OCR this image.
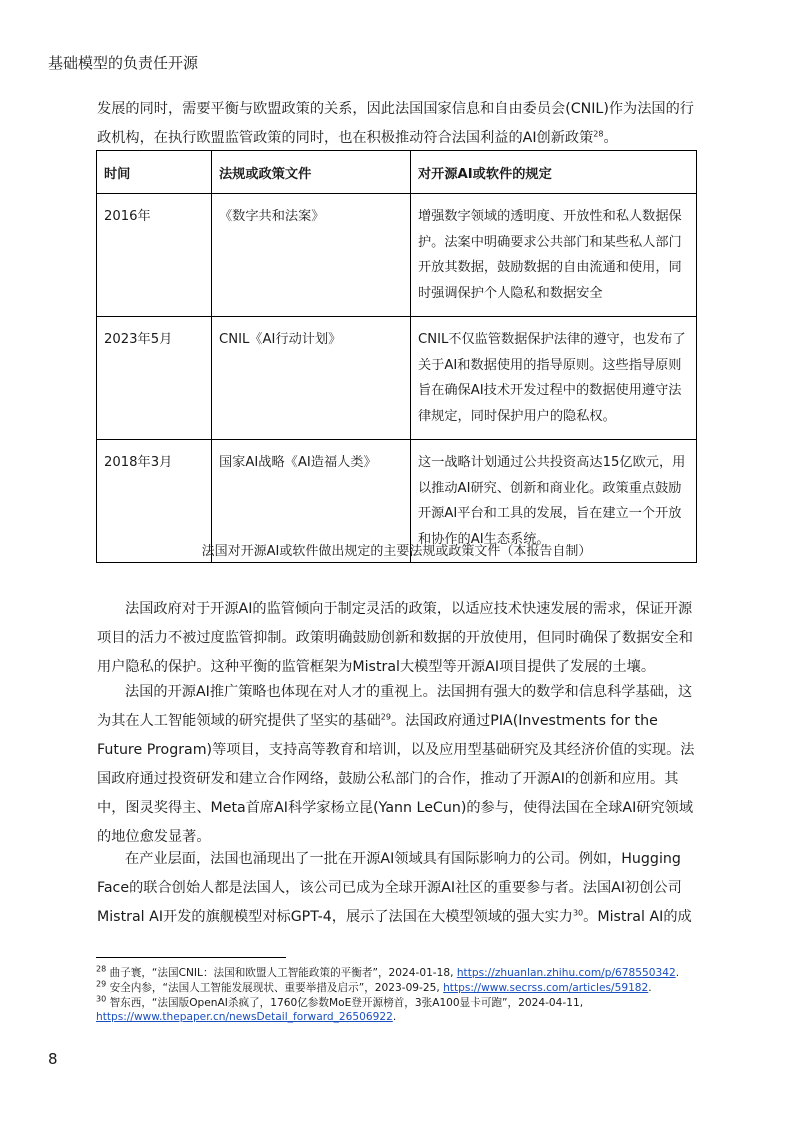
基础模型的负责任开源

发展的同时，需要平衡与欧盟政策的关系，因此法国国家信息和自由委员会(CNIL)作为法国的行政机构，在执行欧盟监管政策的同时，也在积极推动符合法国利益的AI创新政策$^{28}$。

时间	法规或政策文件	对开源AI或软件的规定
2016年	《数字共和法案》	增强数字领域的透明度、开放性和私人数据保护。法案中明确要求公共部门和某些私人部门开放其数据，鼓励数据的自由流通和使用，同时强调保护个人隐私和数据安全
2023年5月	CNIL《AI行动计划》	CNIL不仅监管数据保护法律的遵守，也发布了关于AI和数据使用的指导原则。这些指导原则旨在确保AI技术开发过程中的数据使用遵守法律规定，同时保护用户的隐私权。
2018年3月	国家AI战略《AI造福人类》	这一战略计划通过公共投资高达15亿欧元，用以推动AI研究、创新和商业化。政策重点鼓励开源AI平台和工具的发展，旨在建立一个开放和协作的AI生态系统。
法国对开源AI或软件做出规定的主要法规或政策文件（本报告自制）

法国政府对于开源AI的监管倾向于制定灵活的政策，以适应技术快速发展的需求，保证开源项目的活力不被过度监管抑制。政策明确鼓励创新和数据的开放使用，但同时确保了数据安全和用户隐私的保护。这种平衡的监管框架为Mistral大模型等开源AI项目提供了发展的土壤。

法国的开源AI推广策略也体现在对人才的重视上。法国拥有强大的数学和信息科学基础，这为其在人工智能领域的研究提供了坚实的基础$^{29}$。法国政府通过PIA(Investments for the Future Program)等项目，支持高等教育和培训，以及应用型基础研究及其经济价值的实现。法国政府通过投资研发和建立合作网络，鼓励公私部门的合作，推动了开源AI的创新和应用。其中，图灵奖得主、Meta首席AI科学家杨立昆(Yann LeCun)的参与，使得法国在全球AI研究领域的地位愈发显著。

在产业层面，法国也涌现出了一批在开源AI领域具有国际影响力的公司。例如，Hugging Face的联合创始人都是法国人，该公司已成为全球开源AI社区的重要参与者。法国AI初创公司Mistral AI开发的旗舰模型对标GPT-4，展示了法国在大模型领域的强大实力$^{30}$。Mistral AI的成

$^{28}$ 曲子寰，“法国CNIL：法国和欧盟人工智能政策的平衡者”，2024-01-18, https://zhuanlan.zhihu.com/p/678550342.

$^{29}$ 安全内参，“法国人工智能发展现状、重要举措及启示”，2023-09-25, https://www.secrss.com/articles/59182.

$^{30}$ 智东西，“法国版OpenAI杀疯了，1760亿参数MoE登开源榜首，3张A100显卡可跑”，2024-04-11, https://www.thepaper.cn/newsDetail_forward_26506922.

8
